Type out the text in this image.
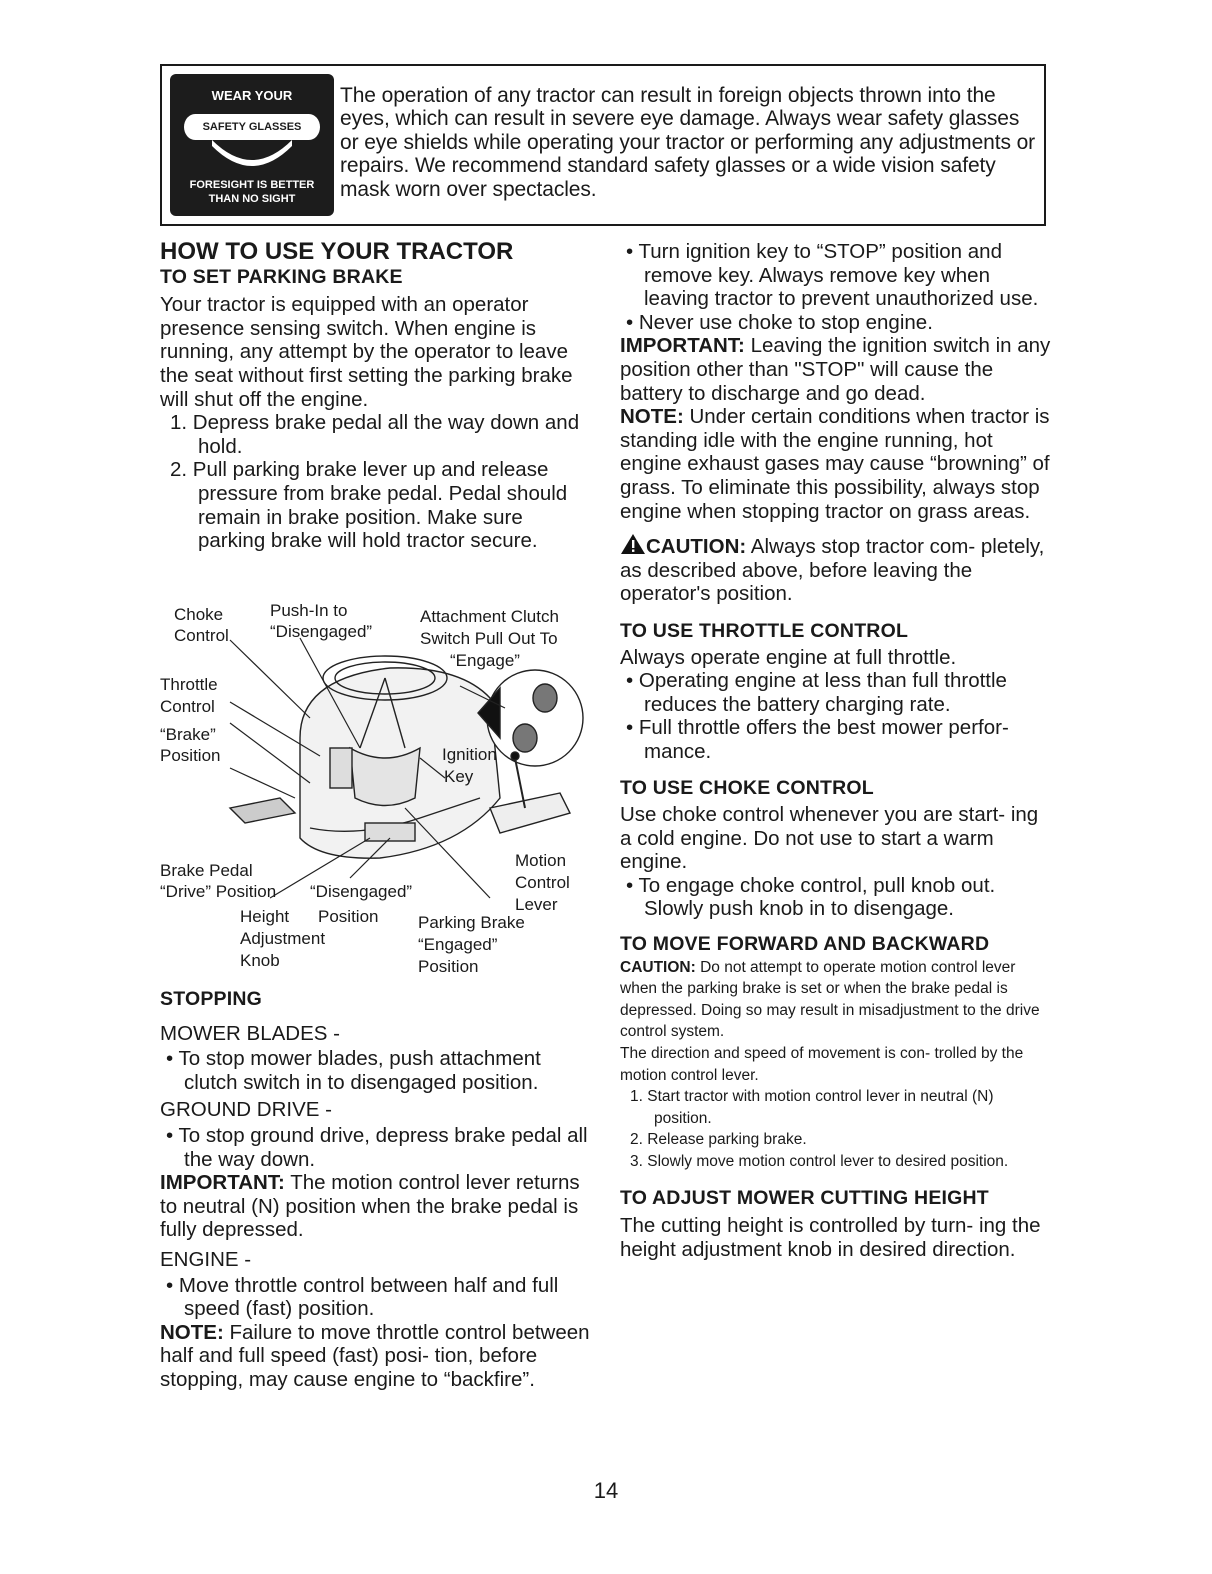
WEAR YOUR
SAFETY GLASSES
FORESIGHT IS BETTER
THAN NO SIGHT

The operation of any tractor can result in foreign objects thrown into the eyes, which can result in severe eye damage. Always wear safety glasses or eye shields while operating your tractor or performing any adjustments or repairs. We recommend standard safety glasses or a wide vision safety mask worn over spectacles.

HOW TO USE YOUR TRACTOR
TO SET PARKING BRAKE

Your tractor is equipped with an operator presence sensing switch. When engine is running, any attempt by the operator to leave the seat without first setting the parking brake will shut off the engine.

1. Depress brake pedal all the way down and hold.

2. Pull parking brake lever up and release pressure from brake pedal. Pedal should remain in brake position. Make sure parking brake will hold tractor secure.

Choke
Control
Push-In to
“Disengaged”
Attachment Clutch
Switch Pull Out To
“Engage”
Throttle
Control
“Brake”
Position	Ignition
Key
Motion
Control
Lever
Brake Pedal
“Drive” Position “Disengaged”
Height
Adjustment
Knob
Position Parking Brake
“Engaged”
Position
STOPPING

MOWER BLADES -

• To stop mower blades, push attachment clutch switch in to disengaged position.

GROUND DRIVE -

• To stop ground drive, depress brake pedal all the way down.

IMPORTANT: The motion control lever returns to neutral (N) position when the brake pedal is fully depressed.

ENGINE -

• Move throttle control between half and full speed (fast) position.

NOTE: Failure to move throttle control between half and full speed (fast) posi- tion, before stopping, may cause engine to “backfire”.

• Turn ignition key to “STOP” position and remove key. Always remove key when leaving tractor to prevent unauthorized use.

• Never use choke to stop engine.

IMPORTANT: Leaving the ignition switch in any position other than "STOP" will cause the battery to discharge and go dead.

NOTE: Under certain conditions when tractor is standing idle with the engine running, hot engine exhaust gases may cause “browning” of grass. To eliminate this possibility, always stop engine when stopping tractor on grass areas.

CAUTION: Always stop tractor com- pletely, as described above, before leaving the operator's position.

TO USE THROTTLE CONTROL

Always operate engine at full throttle.

• Operating engine at less than full throttle reduces the battery charging rate.

• Full throttle offers the best mower perfor- mance.

TO USE CHOKE CONTROL

Use choke control whenever you are start- ing a cold engine. Do not use to start a warm engine.

• To engage choke control, pull knob out. Slowly push knob in to disengage.

TO MOVE FORWARD AND BACKWARD

CAUTION: Do not attempt to operate motion control lever when the parking brake is set or when the brake pedal is depressed. Doing so may result in misadjustment to the drive control system.

The direction and speed of movement is con- trolled by the motion control lever.

1. Start tractor with motion control lever in neutral (N) position.

2. Release parking brake.

3. Slowly move motion control lever to desired position.

TO ADJUST MOWER CUTTING HEIGHT

The cutting height is controlled by turn- ing the height adjustment knob in desired direction.

14
